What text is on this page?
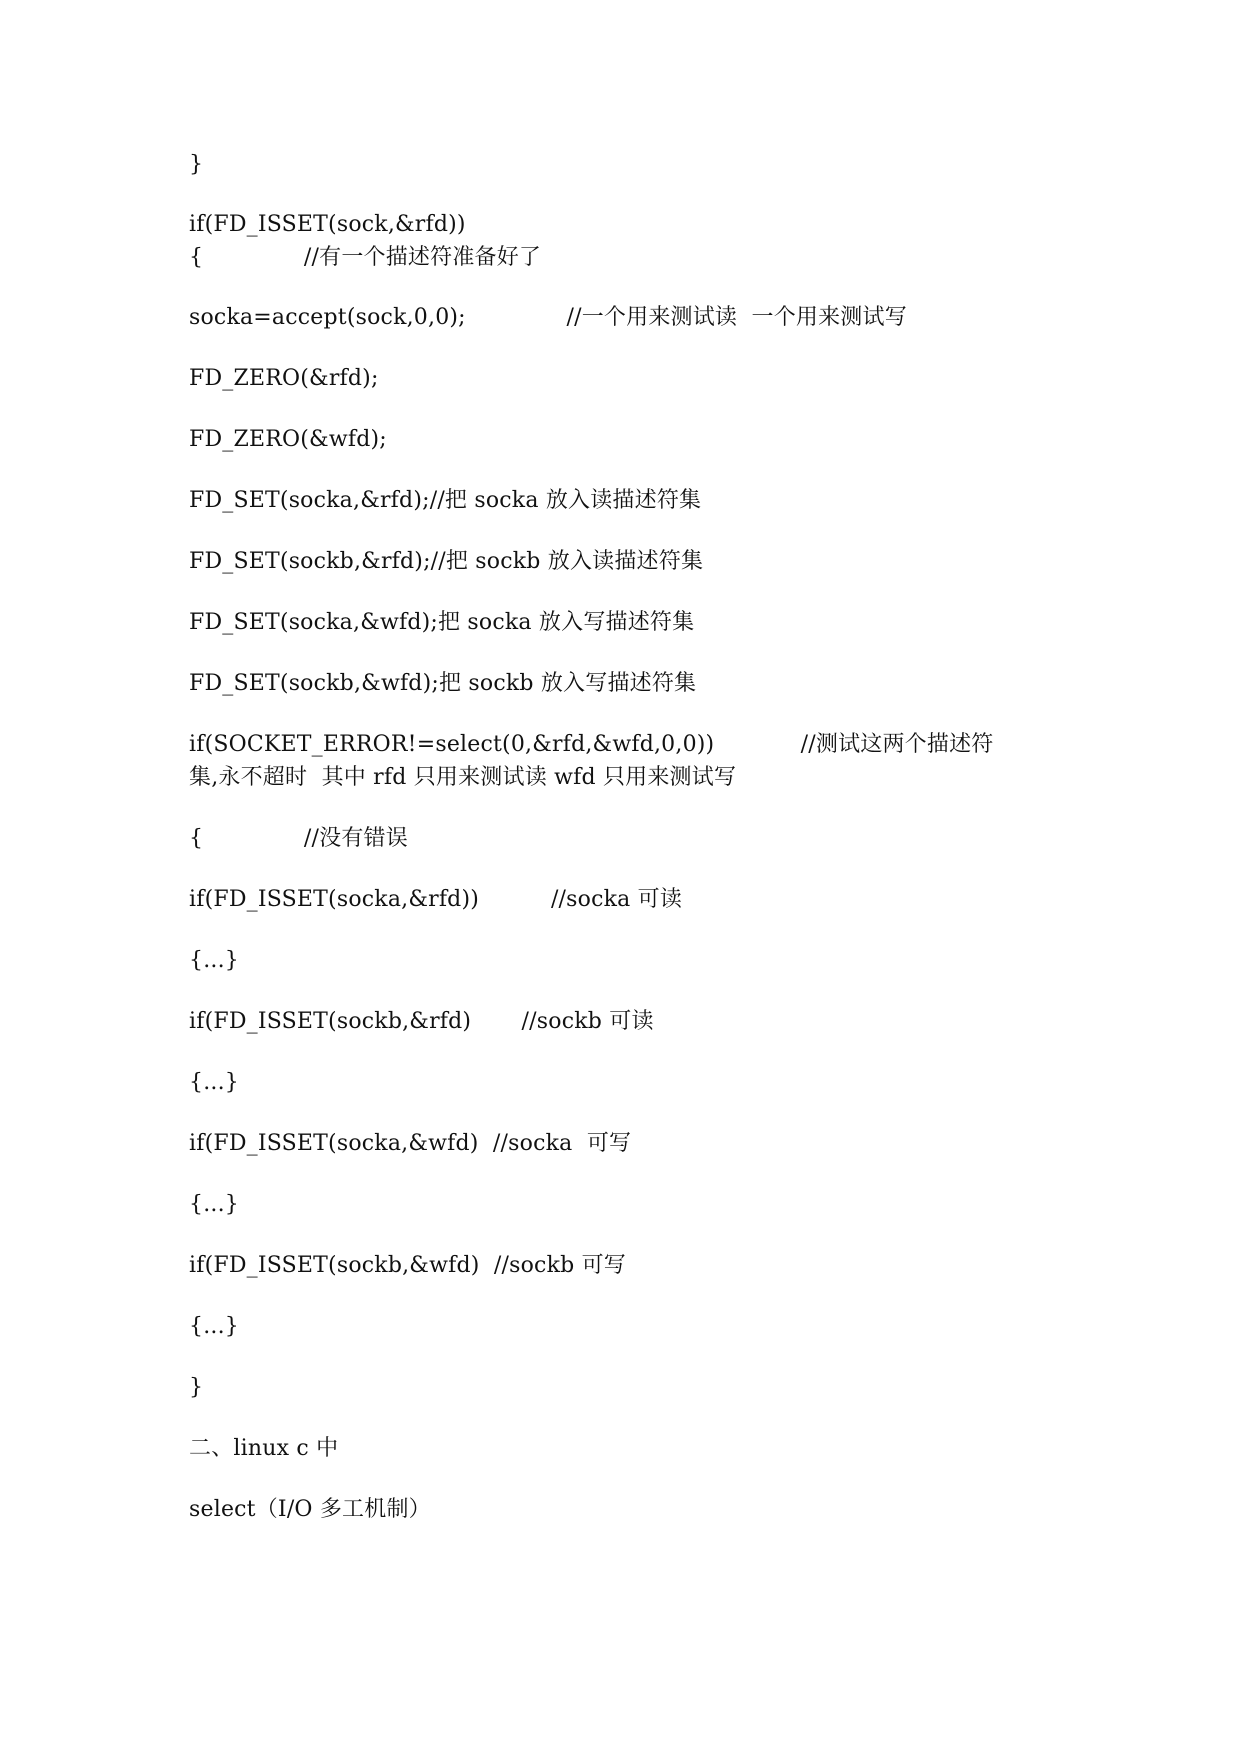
}
if(FD_ISSET(sock,&rfd))
{              //有一个描述符准备好了
socka=accept(sock,0,0);              //一个用来测试读  一个用来测试写
FD_ZERO(&rfd);
FD_ZERO(&wfd);
FD_SET(socka,&rfd);//把 socka 放入读描述符集
FD_SET(sockb,&rfd);//把 sockb 放入读描述符集
FD_SET(socka,&wfd);把 socka 放入写描述符集
FD_SET(sockb,&wfd);把 sockb 放入写描述符集
if(SOCKET_ERROR!=select(0,&rfd,&wfd,0,0))            //测试这两个描述符
集,永不超时  其中 rfd 只用来测试读 wfd 只用来测试写
{              //没有错误
if(FD_ISSET(socka,&rfd))          //socka 可读
{...}
if(FD_ISSET(sockb,&rfd)       //sockb 可读
{...}
if(FD_ISSET(socka,&wfd)  //socka  可写
{...}
if(FD_ISSET(sockb,&wfd)  //sockb 可写
{...}
}
二、linux c 中
select（I/O 多工机制）
